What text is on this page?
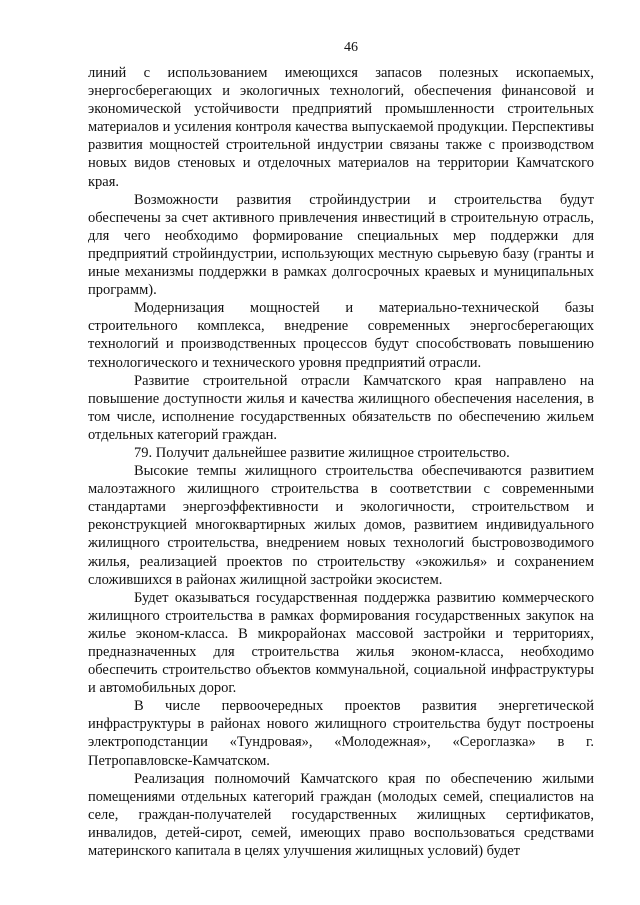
46

линий с использованием имеющихся запасов полезных ископаемых, энергосберегающих и экологичных технологий, обеспечения финансовой и экономической устойчивости предприятий промышленности строительных материалов и усиления контроля качества выпускаемой продукции. Перспективы развития мощностей строительной индустрии связаны также с производством новых видов стеновых и отделочных материалов на территории Камчатского края.

Возможности развития стройиндустрии и строительства будут обеспечены за счет активного привлечения инвестиций в строительную отрасль, для чего необходимо формирование специальных мер поддержки для предприятий стройиндустрии, использующих местную сырьевую базу (гранты и иные механизмы поддержки в рамках долгосрочных краевых и муниципальных программ).

Модернизация мощностей и материально-технической базы строительного комплекса, внедрение современных энергосберегающих технологий и производственных процессов будут способствовать повышению технологического и технического уровня предприятий отрасли.

Развитие строительной отрасли Камчатского края направлено на повышение доступности жилья и качества жилищного обеспечения населения, в том числе, исполнение государственных обязательств по обеспечению жильем отдельных категорий граждан.

79. Получит дальнейшее развитие жилищное строительство.

Высокие темпы жилищного строительства обеспечиваются развитием малоэтажного жилищного строительства в соответствии с современными стандартами энергоэффективности и экологичности, строительством и реконструкцией многоквартирных жилых домов, развитием индивидуального жилищного строительства, внедрением новых технологий быстровозводимого жилья, реализацией проектов по строительству «экожилья» и сохранением сложившихся в районах жилищной застройки экосистем.

Будет оказываться государственная поддержка развитию коммерческого жилищного строительства в рамках формирования государственных закупок на жилье эконом-класса. В микрорайонах массовой застройки и территориях, предназначенных для строительства жилья эконом-класса, необходимо обеспечить строительство объектов коммунальной, социальной инфраструктуры и автомобильных дорог.

В числе первоочередных проектов развития энергетической инфраструктуры в районах нового жилищного строительства будут построены электроподстанции «Тундровая», «Молодежная», «Сероглазка» в г. Петропавловске-Камчатском.

Реализация полномочий Камчатского края по обеспечению жилыми помещениями отдельных категорий граждан (молодых семей, специалистов на селе, граждан-получателей государственных жилищных сертификатов, инвалидов, детей-сирот, семей, имеющих право воспользоваться средствами материнского капитала в целях улучшения жилищных условий) будет
